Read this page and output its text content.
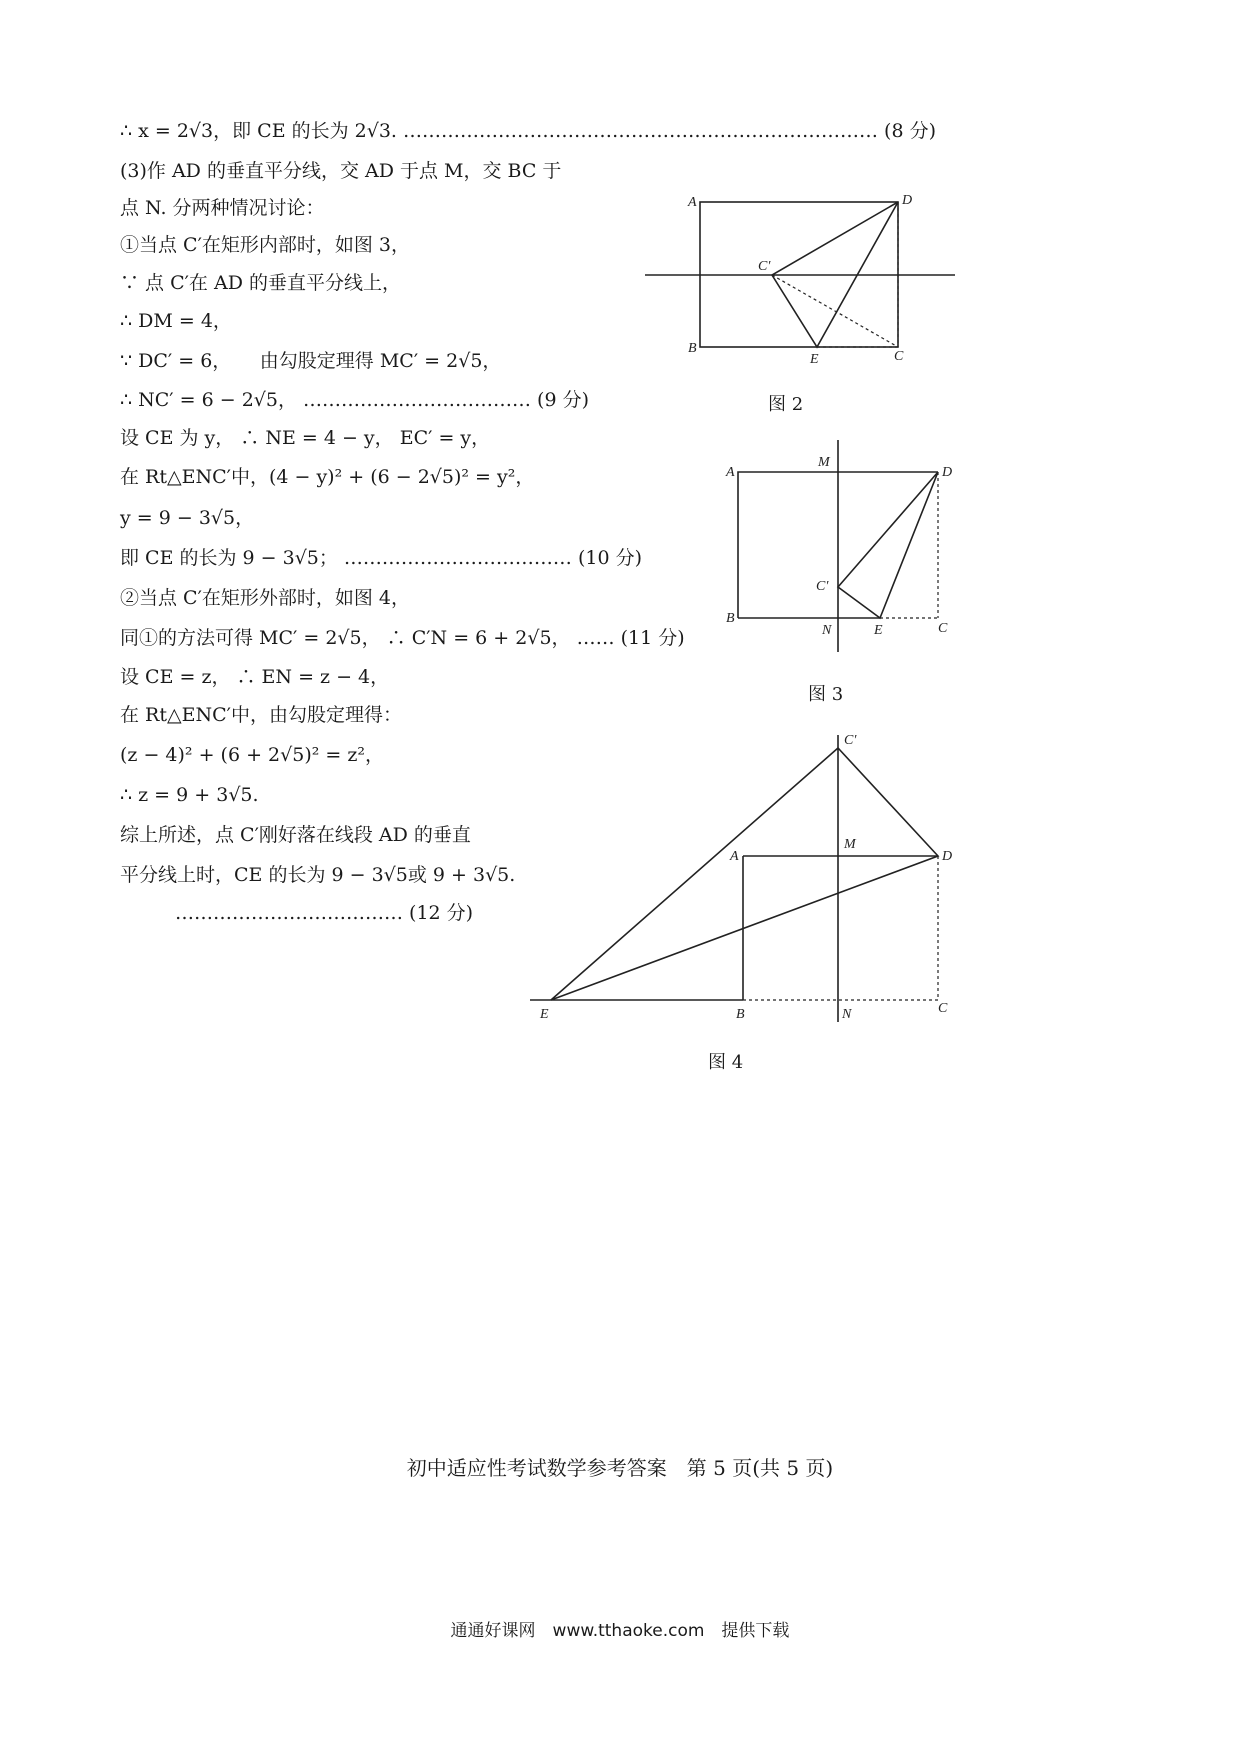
∴ x = 2√3，即 CE 的长为 2√3. ………………………………………………………………… (8 分)
(3)作 AD 的垂直平分线，交 AD 于点 M，交 BC 于
点 N. 分两种情况讨论：
①当点 C′在矩形内部时，如图 3，
∵ 点 C′在 AD 的垂直平分线上，
∴ DM = 4，
∵ DC′ = 6，　　由勾股定理得 MC′ = 2√5，
∴ NC′ = 6 − 2√5， ……………………………… (9 分)
设 CE 为 y， ∴ NE = 4 − y， EC′ = y，
在 Rt△ENC′中，(4 − y)² + (6 − 2√5)² = y²，
y = 9 − 3√5，
即 CE 的长为 9 − 3√5； ……………………………… (10 分)
②当点 C′在矩形外部时，如图 4，
同①的方法可得 MC′ = 2√5， ∴ C′N = 6 + 2√5， …… (11 分)
设 CE = z， ∴ EN = z − 4，
在 Rt△ENC′中，由勾股定理得：
(z − 4)² + (6 + 2√5)² = z²，
∴ z = 9 + 3√5.
综上所述，点 C′刚好落在线段 AD 的垂直
平分线上时，CE 的长为 9 − 3√5或 9 + 3√5.
……………………………… (12 分)
A
B
D
C
E
C′
A
M
D
C′
B
N	E	C
C′
A
M
D
E	B	N	C
图 2
图 3
图 4
初中适应性考试数学参考答案　第 5 页(共 5 页)
通通好课网　www.tthaoke.com　提供下载
